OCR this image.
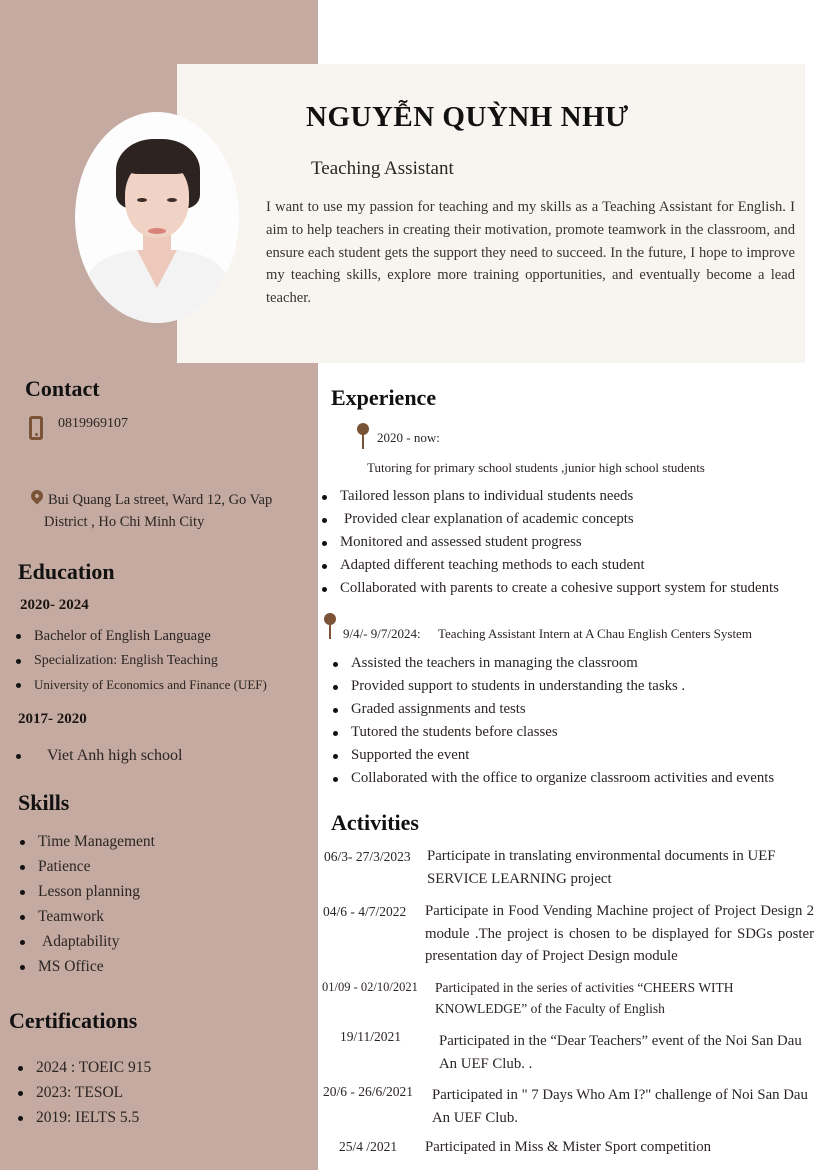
NGUYỄN QUỲNH NHƯ
Teaching Assistant
I want to use my passion for teaching and my skills as a Teaching Assistant for English. I aim to help teachers in creating their motivation, promote teamwork in the classroom, and ensure each student gets the support they need to succeed. In the future, I hope to improve my teaching skills, explore more training opportunities, and eventually become a lead teacher.
Contact
0819969107
Bui Quang La street, Ward 12, Go Vap
District , Ho Chi Minh City
Education
2020- 2024
Bachelor of English Language
Specialization: English Teaching
University of Economics and Finance (UEF)
2017- 2020
Viet Anh high school
Skills
Time Management
Patience
Lesson planning
Teamwork
Adaptability
MS Office
Certifications
2024 : TOEIC 915
2023: TESOL
2019: IELTS 5.5
Experience
2020 - now:
Tutoring for primary school students ,junior high school students
Tailored lesson plans to individual students needs
Provided clear explanation of academic concepts
Monitored and assessed student progress
Adapted different teaching methods to each student
Collaborated with parents to create a cohesive support system for students
9/4/- 9/7/2024: Teaching Assistant Intern at A Chau English Centers System
Assisted the teachers in managing the classroom
Provided support to students in understanding the tasks .
Graded assignments and tests
Tutored the students before classes
Supported the event
Collaborated with the office to organize classroom activities and events
Activities
06/3- 27/3/2023 Participate in translating environmental documents in UEF SERVICE LEARNING project
04/6 - 4/7/2022 Participate in Food Vending Machine project of Project Design 2 module .The project is chosen to be displayed for SDGs poster presentation day of Project Design module
01/09 - 02/10/2021 Participated in the series of activities “CHEERS WITH KNOWLEDGE” of the Faculty of English
19/11/2021	Participated in the “Dear Teachers” event of the Noi San Dau An UEF Club. .
20/6 - 26/6/2021 Participated in " 7 Days Who Am I?" challenge of Noi San Dau An UEF Club.
25/4 /2021 Participated in Miss & Mister Sport competition
